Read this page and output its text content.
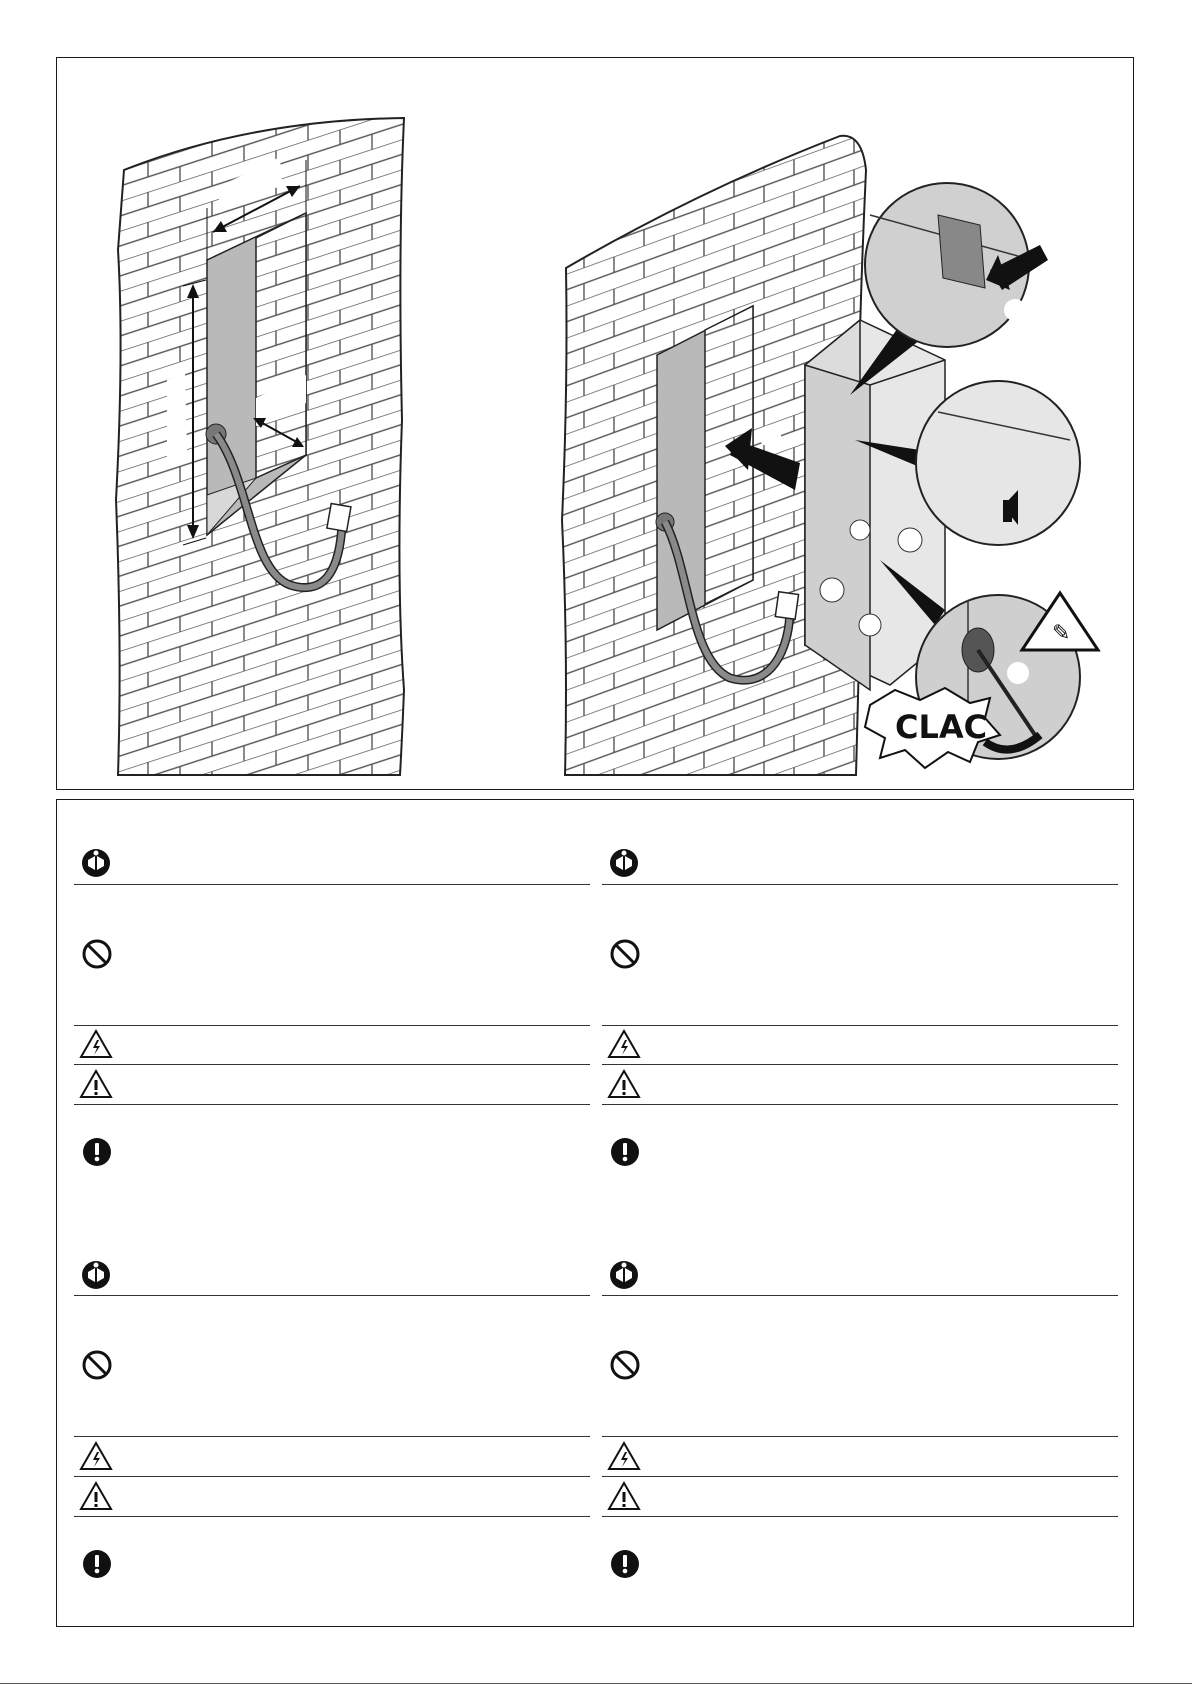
✎
CLAC
